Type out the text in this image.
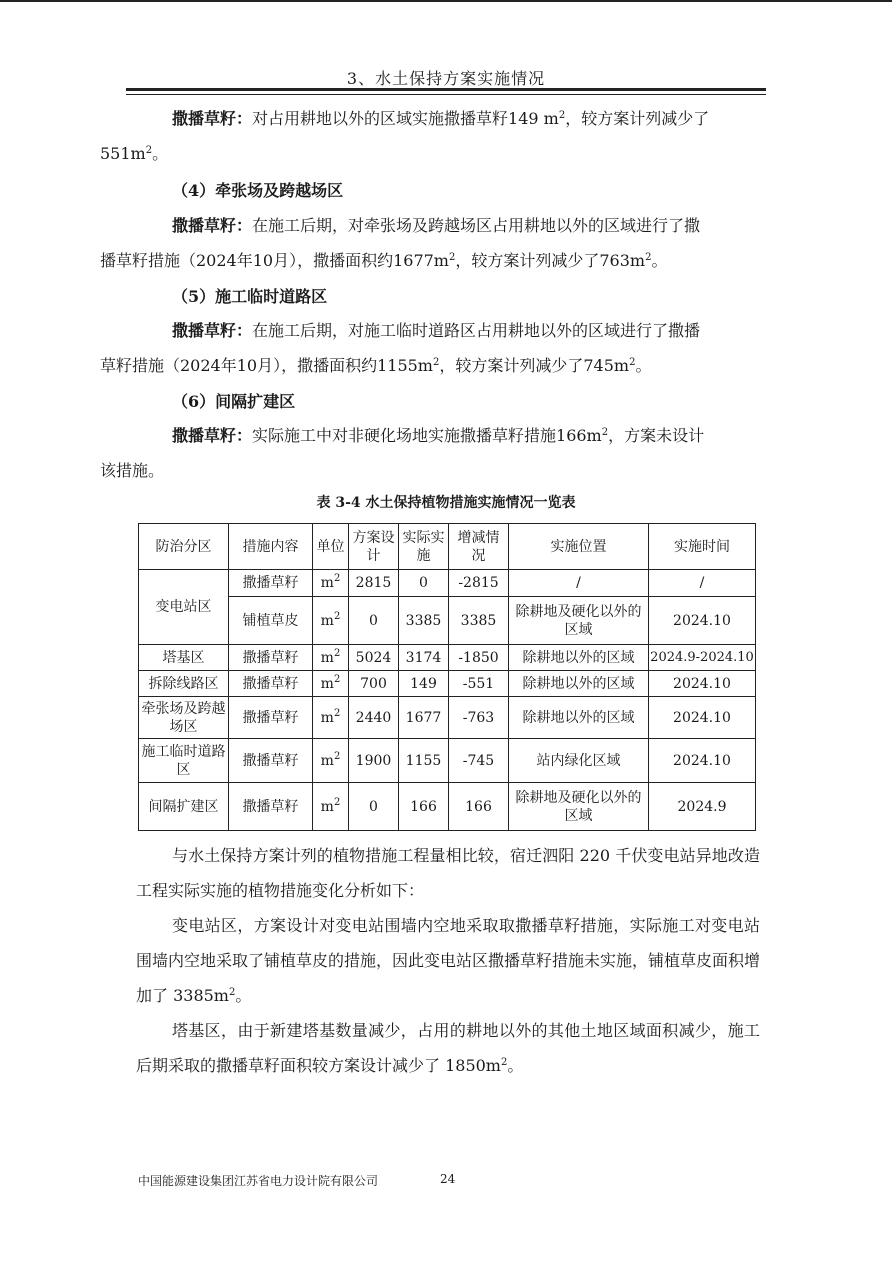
3、水土保持方案实施情况
撒播草籽：对占用耕地以外的区域实施撒播草籽149 $m^2$，较方案计列减少了
$551m^2$。
（4）牵张场及跨越场区
撒播草籽：在施工后期，对牵张场及跨越场区占用耕地以外的区域进行了撒
播草籽措施（2024年10月），撒播面积约$1677m^2$，较方案计列减少了$763m^2$。
（5）施工临时道路区
撒播草籽：在施工后期，对施工临时道路区占用耕地以外的区域进行了撒播
草籽措施（2024年10月），撒播面积约$1155m^2$，较方案计列减少了$745m^2$。
（6）间隔扩建区
撒播草籽：实际施工中对非硬化场地实施撒播草籽措施$166m^2$，方案未设计
该措施。
表 3-4 水土保持植物措施实施情况一览表
防治分区	措施内容	单位	方案设计	实际实施	增减情况	实施位置	实施时间
变电站区	撒播草籽	$m^2$	2815	0	-2815	/	/
	铺植草皮	$m^2$	0	3385	3385	除耕地及硬化以外的区域	2024.10
塔基区	撒播草籽	$m^2$	5024	3174	-1850	除耕地以外的区域	2024.9-2024.10
拆除线路区	撒播草籽	$m^2$	700	149	-551	除耕地以外的区域	2024.10
牵张场及跨越场区	撒播草籽	$m^2$	2440	1677	-763	除耕地以外的区域	2024.10
施工临时道路区	撒播草籽	$m^2$	1900	1155	-745	站内绿化区域	2024.10
间隔扩建区	撒播草籽	$m^2$	0	166	166	除耕地及硬化以外的区域	2024.9
与水土保持方案计列的植物措施工程量相比较，宿迁泗阳 220 千伏变电站异地改造工程实际实施的植物措施变化分析如下：
变电站区，方案设计对变电站围墙内空地采取取撒播草籽措施，实际施工对变电站围墙内空地采取了铺植草皮的措施，因此变电站区撒播草籽措施未实施，铺植草皮面积增加了 $3385m^2$。
塔基区，由于新建塔基数量减少，占用的耕地以外的其他土地区域面积减少，施工后期采取的撒播草籽面积较方案设计减少了 $1850m^2$。
中国能源建设集团江苏省电力设计院有限公司	24
